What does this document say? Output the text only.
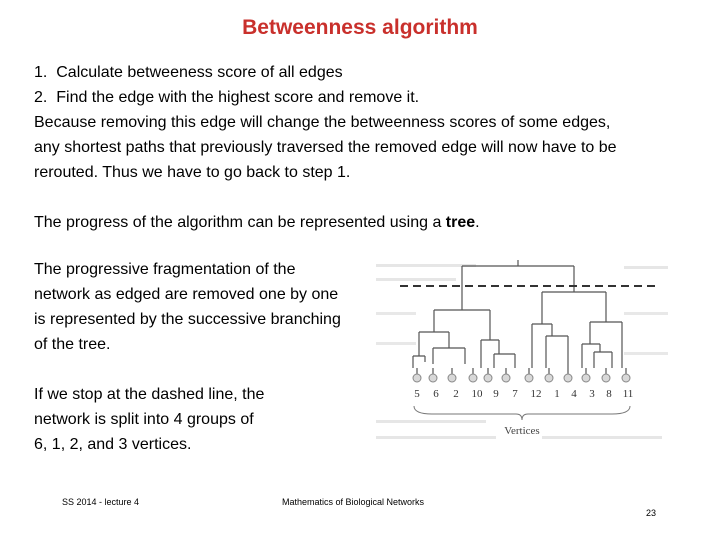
Betweenness algorithm

1. Calculate betweeness score of all edges

2. Find the edge with the highest score and remove it.

Because removing this edge will change the betweenness scores of some edges,

any shortest paths that previously traversed the removed edge will now have to be

rerouted. Thus we have to go back to step 1.

The progress of the algorithm can be represented using a tree.

The progressive fragmentation of the

network as edged are removed one by one

is represented by the successive branching

of the tree.

If we stop at the dashed line, the

network is split into 4 groups of

6, 1, 2, and 3 vertices.

5 6 2 10 9 7 12 1 4 3 8 11
Vertices
SS 2014 - lecture 4	Mathematics of Biological Networks
23
